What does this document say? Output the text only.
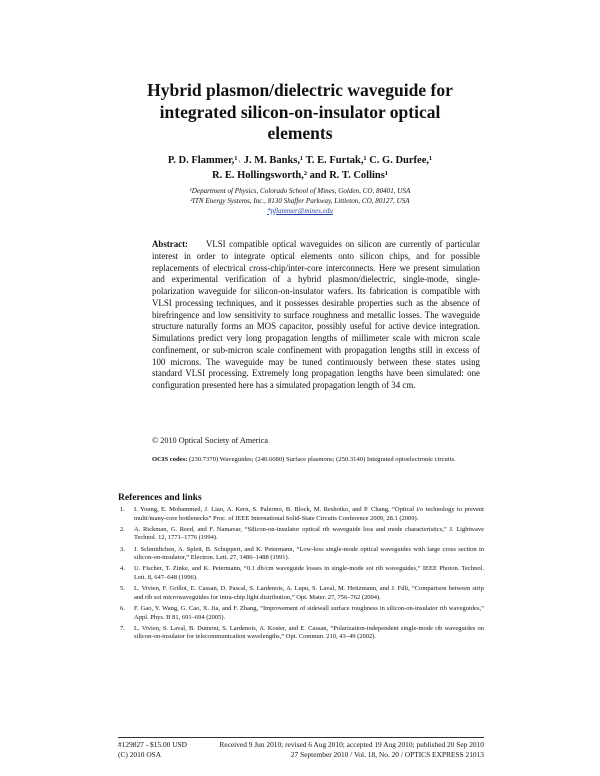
Hybrid plasmon/dielectric waveguide for
integrated silicon-on-insulator optical
elements
P. D. Flammer,¹˒ J. M. Banks,¹ T. E. Furtak,¹ C. G. Durfee,¹
R. E. Hollingsworth,² and R. T. Collins¹
¹Department of Physics, Colorado School of Mines, Golden, CO, 80401, USA
²ITN Energy Systems, Inc., 8130 Shaffer Parkway, Littleton, CO, 80127, USA
*pflammer@mines.edu
Abstract: VLSI compatible optical waveguides on silicon are currently of particular interest in order to integrate optical elements onto silicon chips, and for possible replacements of electrical cross-chip/inter-core interconnects. Here we present simulation and experimental verification of a hybrid plasmon/dielectric, single-mode, single-polarization waveguide for silicon-on-insulator wafers. Its fabrication is compatible with VLSI processing techniques, and it possesses desirable properties such as the absence of birefringence and low sensitivity to surface roughness and metallic losses. The waveguide structure naturally forms an MOS capacitor, possibly useful for active device integration. Simulations predict very long propagation lengths of millimeter scale with micron scale confinement, or sub-micron scale confinement with propagation lengths still in excess of 100 microns. The waveguide may be tuned continuously between these states using standard VLSI processing. Extremely long propagation lengths have been simulated: one configuration presented here has a simulated propagation length of 34 cm.
© 2010 Optical Society of America
OCIS codes: (230.7370) Waveguides; (240.6680) Surface plasmons; (250.3140) Integrated optoelectronic circuits.
References and links
1. I. Young, E. Mohammed, J. Liao, A. Kern, S. Palermo, B. Block, M. Reshotko, and P. Chang, “Optical i/o technology to prevent multi/many-core bottlenecks” Proc. of IEEE International Solid-State Circuits Conference 2009, 28.1 (2009).
2. A. Rickman, G. Reed, and F. Namavar, “Silicon-on-insulator optical rib waveguide loss and mode characteristics,” J. Lightwave Technol. 12, 1771–1776 (1994).
3. J. Schmidtchen, A. Splett, B. Schuppert, and K. Petermann, “Low-loss single-mode optical waveguides with large cross section in silicon-on-insulator,” Electron. Lett. 27, 1486–1488 (1991).
4. U. Fischer, T. Zinke, and K. Petermann, “0.1 db/cm waveguide losses in single-mode soi rib waveguides,” IEEE Photon. Technol. Lett. 8, 647–648 (1996).
5. L. Vivien, F. Grillot, E. Cassan, D. Pascal, S. Lardenois, A. Lupu, S. Laval, M. Heitzmann, and J. Fdli, “Comparison between strip and rib soi microwaveguides for intra-chip light distribution,” Opt. Mater. 27, 756–762 (2004).
6. F. Gao, Y. Wang, G. Cao, X. Jia, and F. Zhang, “Improvement of sidewall surface roughness in silicon-on-insulator rib waveguides,” Appl. Phys. B 81, 691–694 (2005).
7. L. Vivien, S. Laval, B. Dumont, S. Lardenois, A. Koster, and E. Cassan, “Polarization-independent single-mode rib waveguides on silicon-on-insulator for telecommunication wavelengths,” Opt. Commun. 210, 43–49 (2002).
#129827 - $15.00 USD
(C) 2010 OSA
Received 9 Jun 2010; revised 6 Aug 2010; accepted 19 Aug 2010; published 20 Sep 2010
27 September 2010 / Vol. 18, No. 20 / OPTICS EXPRESS 21013
